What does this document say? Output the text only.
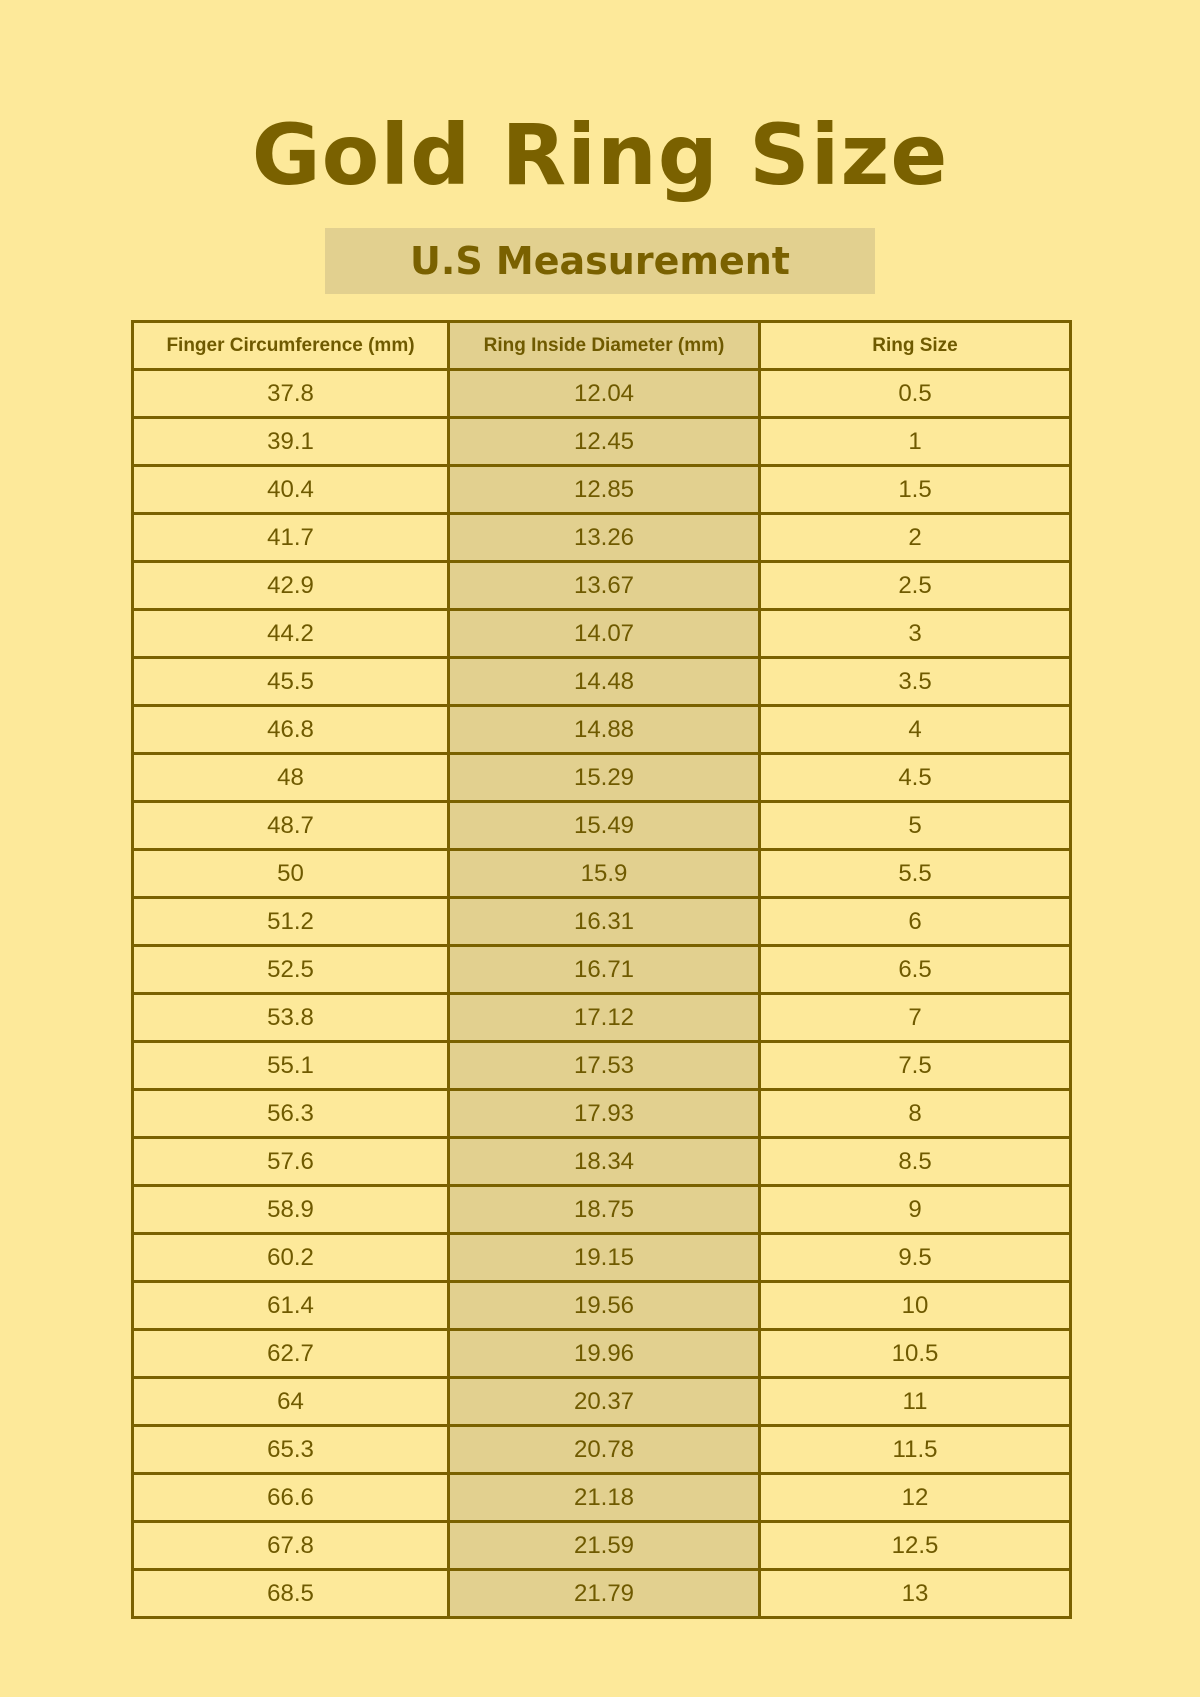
Gold Ring Size
U.S Measurement
Finger Circumference (mm)	Ring Inside Diameter (mm)	Ring Size
37.8	12.04	0.5
39.1	12.45	1
40.4	12.85	1.5
41.7	13.26	2
42.9	13.67	2.5
44.2	14.07	3
45.5	14.48	3.5
46.8	14.88	4
48	15.29	4.5
48.7	15.49	5
50	15.9	5.5
51.2	16.31	6
52.5	16.71	6.5
53.8	17.12	7
55.1	17.53	7.5
56.3	17.93	8
57.6	18.34	8.5
58.9	18.75	9
60.2	19.15	9.5
61.4	19.56	10
62.7	19.96	10.5
64	20.37	11
65.3	20.78	11.5
66.6	21.18	12
67.8	21.59	12.5
68.5	21.79	13
